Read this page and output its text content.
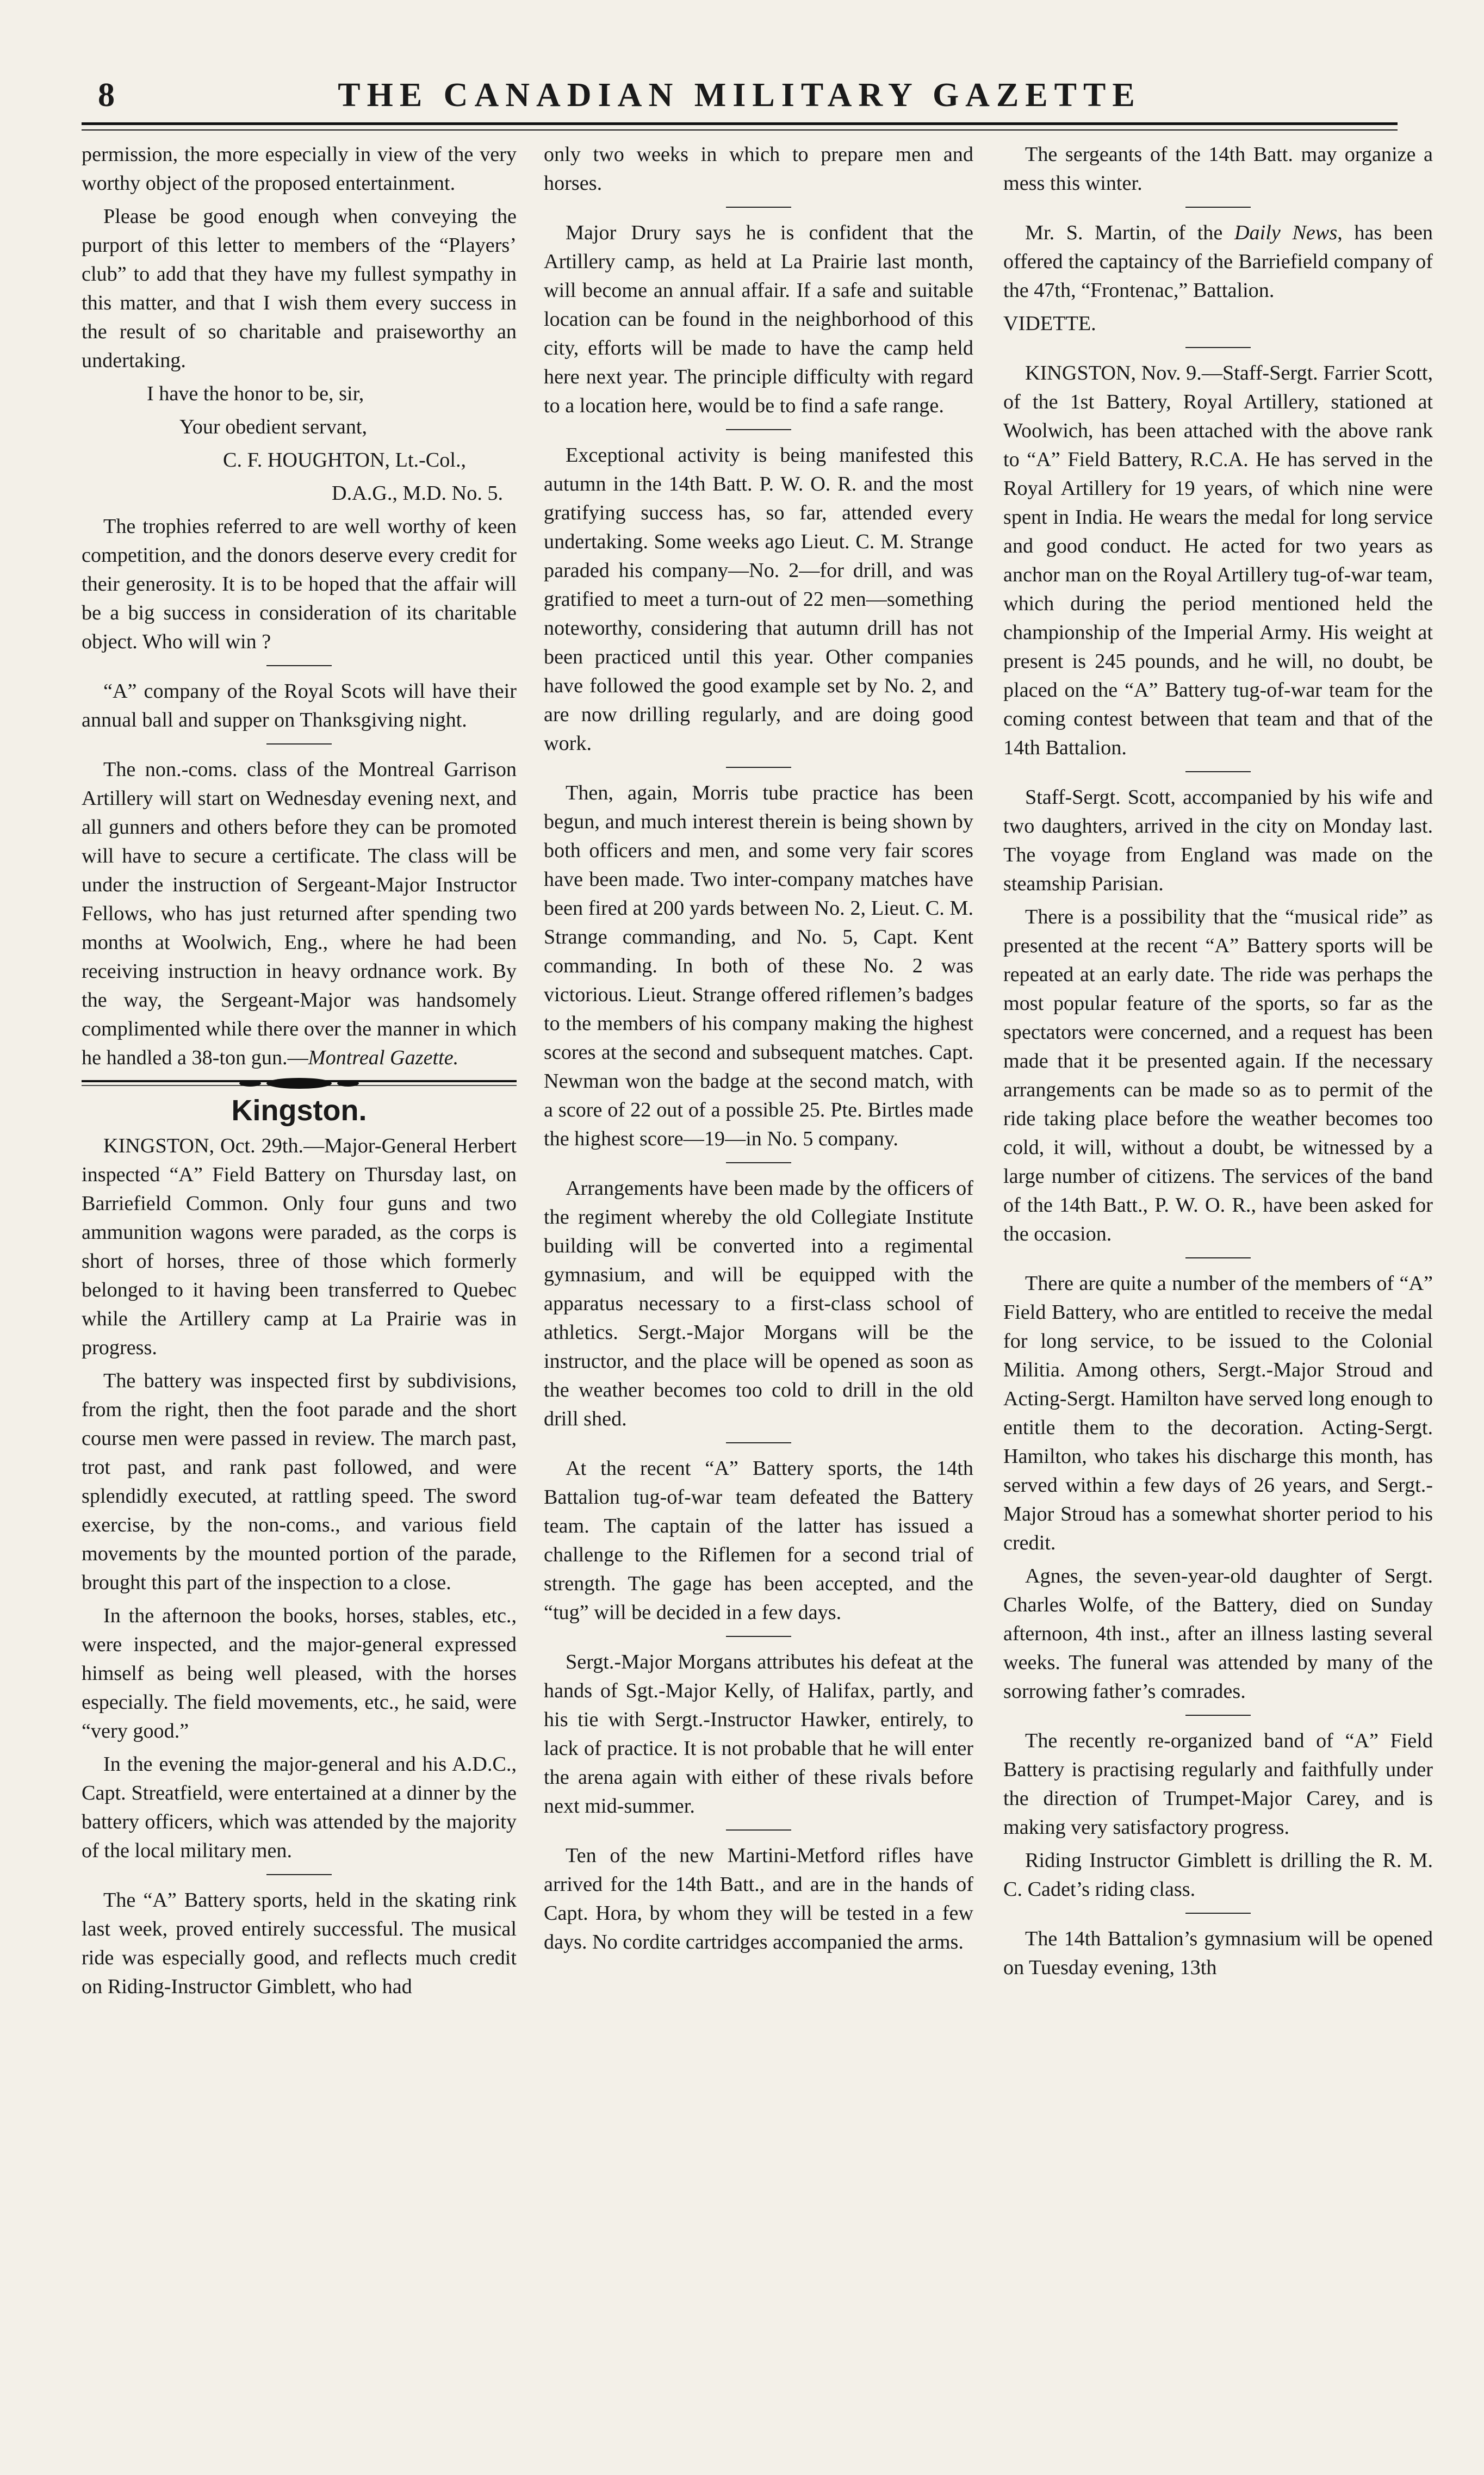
8	THE CANADIAN MILITARY GAZETTE

permission, the more especially in view of the very worthy object of the proposed entertainment.

Please be good enough when conveying the purport of this letter to members of the “Players’ club” to add that they have my fullest sympathy in this matter, and that I wish them every success in the result of so charitable and praiseworthy an undertaking.

I have the honor to be, sir,

Your obedient servant,

C. F. HOUGHTON, Lt.-Col.,

D.A.G., M.D. No. 5.

The trophies referred to are well worthy of keen competition, and the donors deserve every credit for their generosity. It is to be hoped that the affair will be a big success in consideration of its charitable object. Who will win ?

“A” company of the Royal Scots will have their annual ball and supper on Thanksgiving night.

The non.-coms. class of the Montreal Garrison Artillery will start on Wednesday evening next, and all gunners and others before they can be promoted will have to secure a certificate. The class will be under the instruction of Sergeant-Major Instructor Fellows, who has just returned after spending two months at Woolwich, Eng., where he had been receiving instruction in heavy ordnance work. By the way, the Sergeant-Major was handsomely complimented while there over the manner in which he handled a 38-ton gun.—Montreal Gazette.

Kingston.

KINGSTON, Oct. 29th.—Major-General Herbert inspected “A” Field Battery on Thursday last, on Barriefield Common. Only four guns and two ammunition wagons were paraded, as the corps is short of horses, three of those which formerly belonged to it having been transferred to Quebec while the Artillery camp at La Prairie was in progress.

The battery was inspected first by subdivisions, from the right, then the foot parade and the short course men were passed in review. The march past, trot past, and rank past followed, and were splendidly executed, at rattling speed. The sword exercise, by the non-coms., and various field movements by the mounted portion of the parade, brought this part of the inspection to a close.

In the afternoon the books, horses, stables, etc., were inspected, and the major-general expressed himself as being well pleased, with the horses especially. The field movements, etc., he said, were “very good.”

In the evening the major-general and his A.D.C., Capt. Streatfield, were entertained at a dinner by the battery officers, which was attended by the majority of the local military men.

The “A” Battery sports, held in the skating rink last week, proved entirely successful. The musical ride was especially good, and reflects much credit on Riding-Instructor Gimblett, who had

only two weeks in which to prepare men and horses.

Major Drury says he is confident that the Artillery camp, as held at La Prairie last month, will become an annual affair. If a safe and suitable location can be found in the neighborhood of this city, efforts will be made to have the camp held here next year. The principle difficulty with regard to a location here, would be to find a safe range.

Exceptional activity is being manifested this autumn in the 14th Batt. P. W. O. R. and the most gratifying success has, so far, attended every undertaking. Some weeks ago Lieut. C. M. Strange paraded his company—No. 2—for drill, and was gratified to meet a turn-out of 22 men—something noteworthy, considering that autumn drill has not been practiced until this year. Other companies have followed the good example set by No. 2, and are now drilling regularly, and are doing good work.

Then, again, Morris tube practice has been begun, and much interest therein is being shown by both officers and men, and some very fair scores have been made. Two inter-company matches have been fired at 200 yards between No. 2, Lieut. C. M. Strange commanding, and No. 5, Capt. Kent commanding. In both of these No. 2 was victorious. Lieut. Strange offered riflemen’s badges to the members of his company making the highest scores at the second and subsequent matches. Capt. Newman won the badge at the second match, with a score of 22 out of a possible 25. Pte. Birtles made the highest score—19—in No. 5 company.

Arrangements have been made by the officers of the regiment whereby the old Collegiate Institute building will be converted into a regimental gymnasium, and will be equipped with the apparatus necessary to a first-class school of athletics. Sergt.-Major Morgans will be the instructor, and the place will be opened as soon as the weather becomes too cold to drill in the old drill shed.

At the recent “A” Battery sports, the 14th Battalion tug-of-war team defeated the Battery team. The captain of the latter has issued a challenge to the Riflemen for a second trial of strength. The gage has been accepted, and the “tug” will be decided in a few days.

Sergt.-Major Morgans attributes his defeat at the hands of Sgt.-Major Kelly, of Halifax, partly, and his tie with Sergt.-Instructor Hawker, entirely, to lack of practice. It is not probable that he will enter the arena again with either of these rivals before next mid-summer.

Ten of the new Martini-Metford rifles have arrived for the 14th Batt., and are in the hands of Capt. Hora, by whom they will be tested in a few days. No cordite cartridges accompanied the arms.

The sergeants of the 14th Batt. may organize a mess this winter.

Mr. S. Martin, of the Daily News, has been offered the captaincy of the Barriefield company of the 47th, “Frontenac,” Battalion.

VIDETTE.

KINGSTON, Nov. 9.—Staff-Sergt. Farrier Scott, of the 1st Battery, Royal Artillery, stationed at Woolwich, has been attached with the above rank to “A” Field Battery, R.C.A. He has served in the Royal Artillery for 19 years, of which nine were spent in India. He wears the medal for long service and good conduct. He acted for two years as anchor man on the Royal Artillery tug-of-war team, which during the period mentioned held the championship of the Imperial Army. His weight at present is 245 pounds, and he will, no doubt, be placed on the “A” Battery tug-of-war team for the coming contest between that team and that of the 14th Battalion.

Staff-Sergt. Scott, accompanied by his wife and two daughters, arrived in the city on Monday last. The voyage from England was made on the steamship Parisian.

There is a possibility that the “musical ride” as presented at the recent “A” Battery sports will be repeated at an early date. The ride was perhaps the most popular feature of the sports, so far as the spectators were concerned, and a request has been made that it be presented again. If the necessary arrangements can be made so as to permit of the ride taking place before the weather becomes too cold, it will, without a doubt, be witnessed by a large number of citizens. The services of the band of the 14th Batt., P. W. O. R., have been asked for the occasion.

There are quite a number of the members of “A” Field Battery, who are entitled to receive the medal for long service, to be issued to the Colonial Militia. Among others, Sergt.-Major Stroud and Acting-Sergt. Hamilton have served long enough to entitle them to the decoration. Acting-Sergt. Hamilton, who takes his discharge this month, has served within a few days of 26 years, and Sergt.-Major Stroud has a somewhat shorter period to his credit.

Agnes, the seven-year-old daughter of Sergt. Charles Wolfe, of the Battery, died on Sunday afternoon, 4th inst., after an illness lasting several weeks. The funeral was attended by many of the sorrowing father’s comrades.

The recently re-organized band of “A” Field Battery is practising regularly and faithfully under the direction of Trumpet-Major Carey, and is making very satisfactory progress.

Riding Instructor Gimblett is drilling the R. M. C. Cadet’s riding class.

The 14th Battalion’s gymnasium will be opened on Tuesday evening, 13th
